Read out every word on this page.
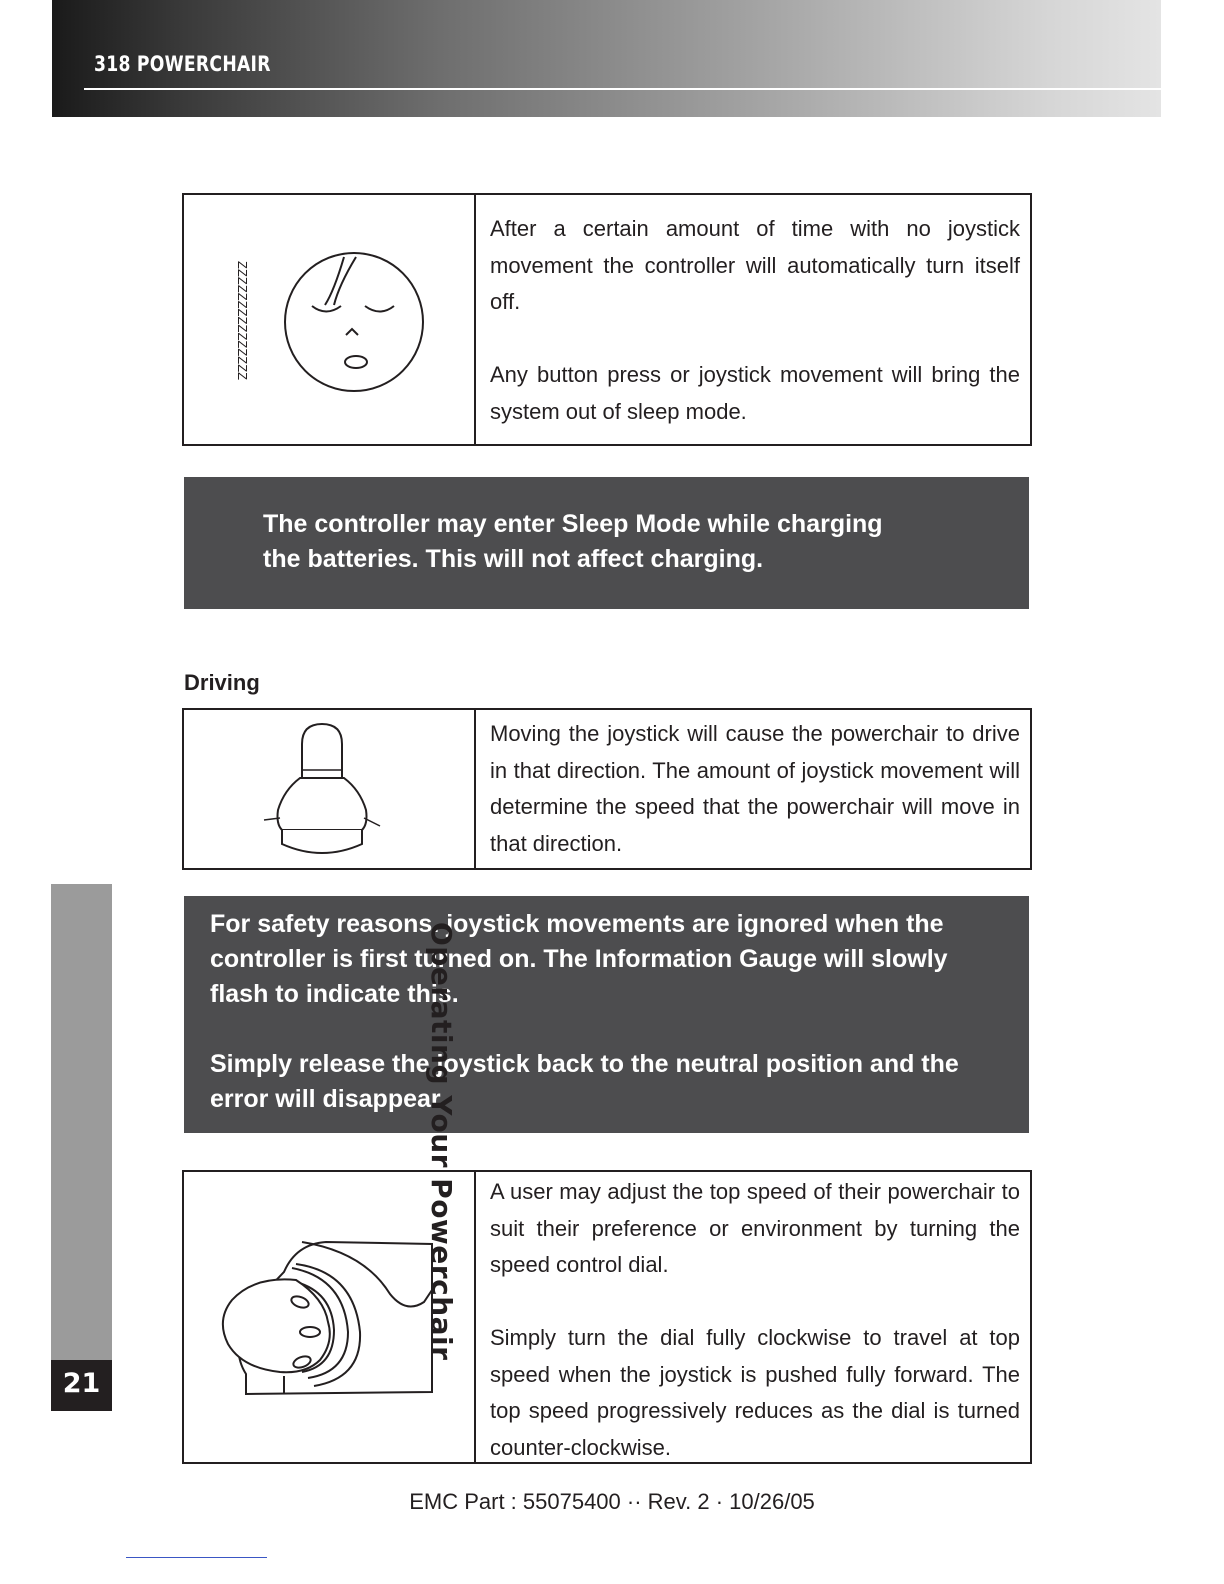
318 POWERCHAIR
ZZZZZZZZZZZZZZZ

After a certain amount of time with no joystick movement the controller will automatically turn itself off.

Any button press or joystick movement will bring the system out of sleep mode.

The controller may enter Sleep Mode while charging
the batteries. This will not affect charging.
Driving

Moving the joystick will cause the powerchair to drive in that direction. The amount of joystick movement will determine the speed that the powerchair will move in that direction.

For safety reasons. joystick movements are ignored when the controller is first turned on. The Information Gauge will slowly flash to indicate this.

Simply release the joystick back to the neutral position and the error will disappear.

A user may adjust the top speed of their powerchair to suit their preference or environment by turning the speed control dial.

Simply turn the dial fully clockwise to travel at top speed when the joystick is pushed fully forward. The top speed progressively reduces as the dial is turned counter-clockwise.

Operating Your Powerchair
21
EMC Part : 55075400 ·· Rev. 2 · 10/26/05
